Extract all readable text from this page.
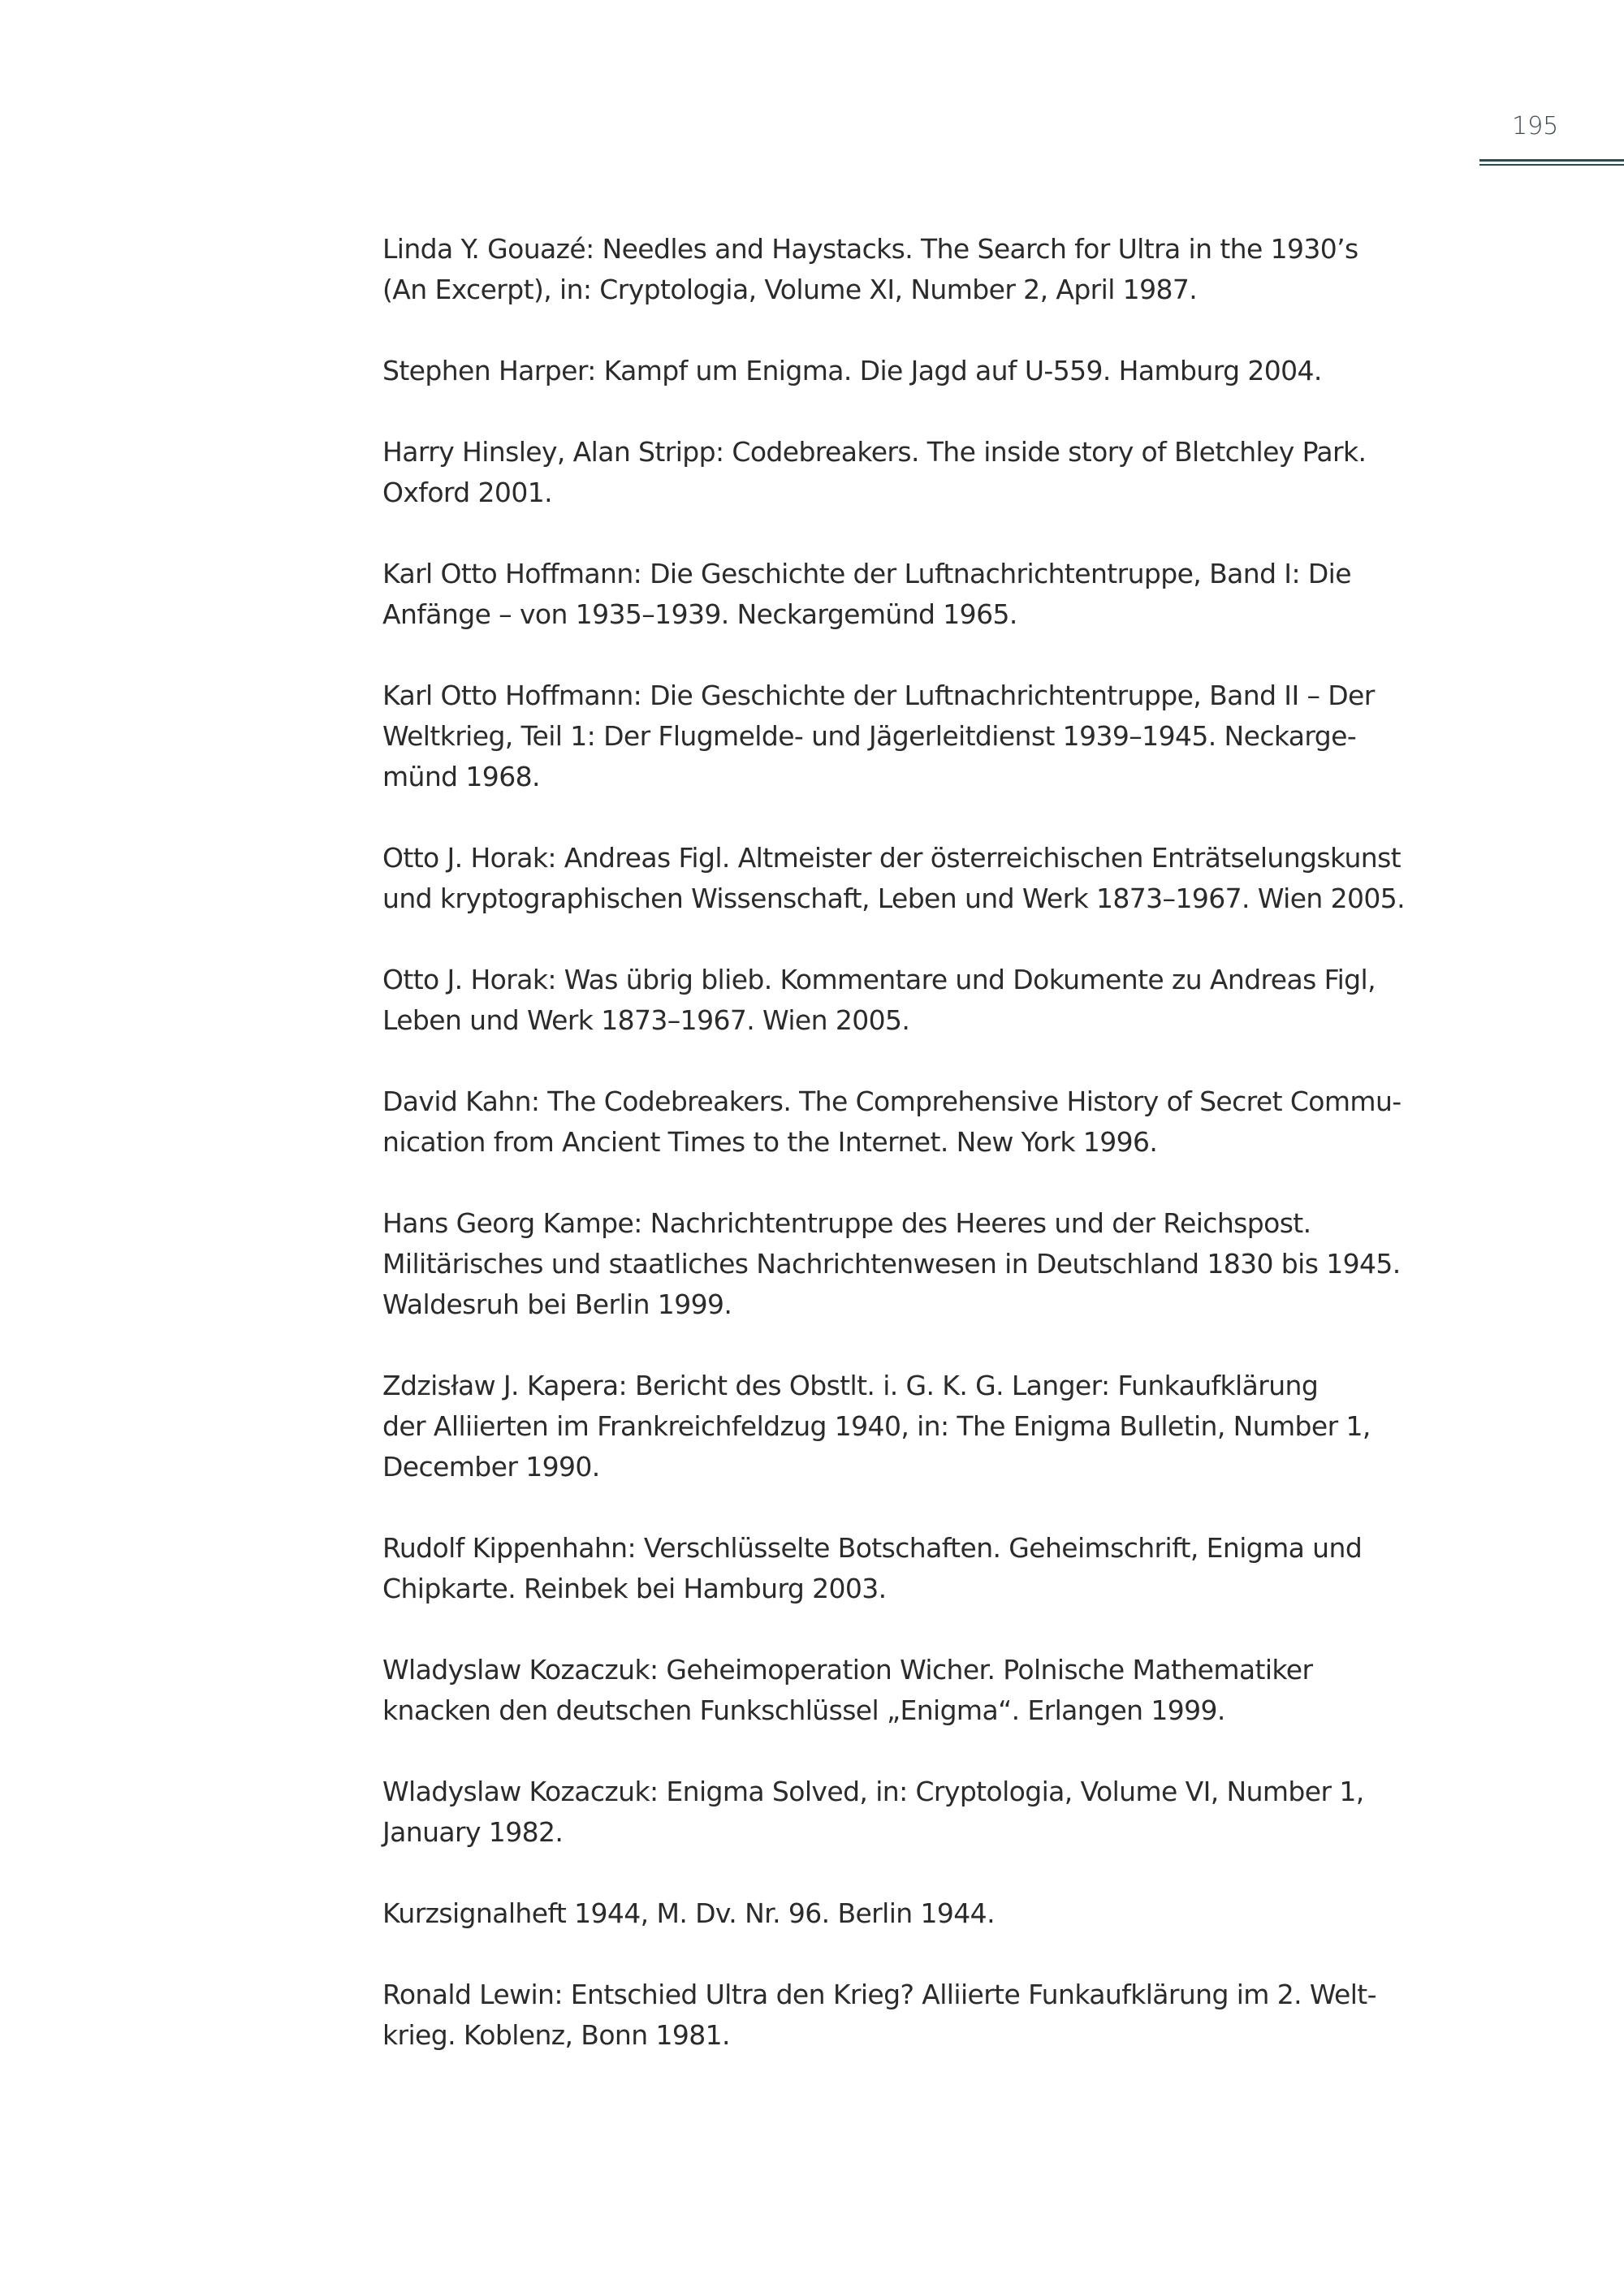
195
Linda Y. Gouazé: Needles and Haystacks. The Search for Ultra in the 1930’s
(An Excerpt), in: Cryptologia, Volume XI, Number 2, April 1987.
Stephen Harper: Kampf um Enigma. Die Jagd auf U-559. Hamburg 2004.
Harry Hinsley, Alan Stripp: Codebreakers. The inside story of Bletchley Park.
Oxford 2001.
Karl Otto Hoffmann: Die Geschichte der Luftnachrichtentruppe, Band I: Die
Anfänge – von 1935–1939. Neckargemünd 1965.
Karl Otto Hoffmann: Die Geschichte der Luftnachrichtentruppe, Band II – Der
Weltkrieg, Teil 1: Der Flugmelde- und Jägerleitdienst 1939–1945. Neckarge-
münd 1968.
Otto J. Horak: Andreas Figl. Altmeister der österreichischen Enträtselungskunst
und kryptographischen Wissenschaft, Leben und Werk 1873–1967. Wien 2005.
Otto J. Horak: Was übrig blieb. Kommentare und Dokumente zu Andreas Figl,
Leben und Werk 1873–1967. Wien 2005.
David Kahn: The Codebreakers. The Comprehensive History of Secret Commu-
nication from Ancient Times to the Internet. New York 1996.
Hans Georg Kampe: Nachrichtentruppe des Heeres und der Reichspost.
Militärisches und staatliches Nachrichtenwesen in Deutschland 1830 bis 1945.
Waldesruh bei Berlin 1999.
Zdzisław J. Kapera: Bericht des Obstlt. i. G. K. G. Langer: Funkaufklärung
der Alliierten im Frankreichfeldzug 1940, in: The Enigma Bulletin, Number 1,
December 1990.
Rudolf Kippenhahn: Verschlüsselte Botschaften. Geheimschrift, Enigma und
Chipkarte. Reinbek bei Hamburg 2003.
Wladyslaw Kozaczuk: Geheimoperation Wicher. Polnische Mathematiker
knacken den deutschen Funkschlüssel „Enigma“. Erlangen 1999.
Wladyslaw Kozaczuk: Enigma Solved, in: Cryptologia, Volume VI, Number 1,
January 1982.
Kurzsignalheft 1944, M. Dv. Nr. 96. Berlin 1944.
Ronald Lewin: Entschied Ultra den Krieg? Alliierte Funkaufklärung im 2. Welt-
krieg. Koblenz, Bonn 1981.
